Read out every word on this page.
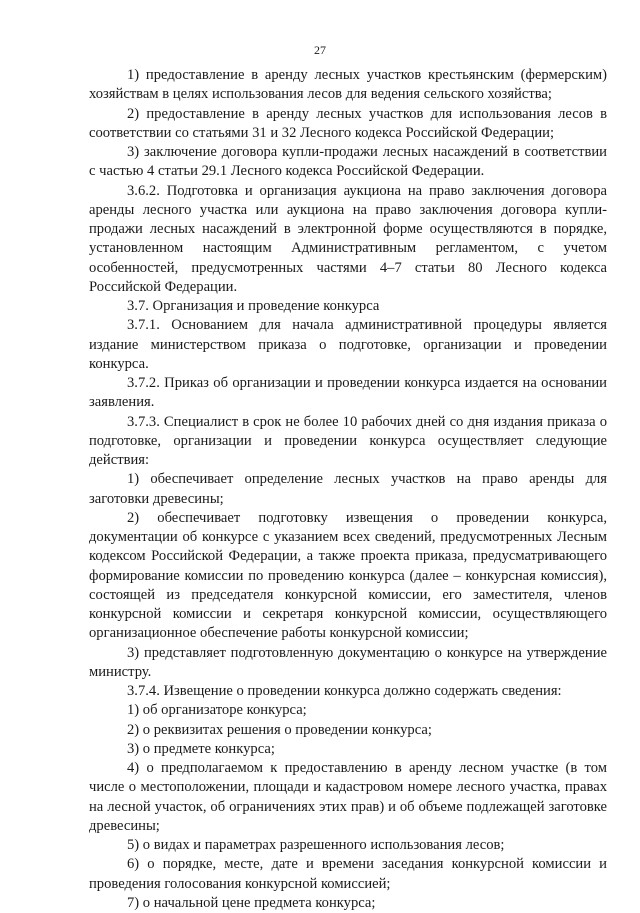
27

1) предоставление в аренду лесных участков крестьянским (фермерским) хозяйствам в целях использования лесов для ведения сельского хозяйства;

2) предоставление в аренду лесных участков для использования лесов в соответствии со статьями 31 и 32 Лесного кодекса Российской Федерации;

3) заключение договора купли-продажи лесных насаждений в соответствии с частью 4 статьи 29.1 Лесного кодекса Российской Федерации.

3.6.2. Подготовка и организация аукциона на право заключения договора аренды лесного участка или аукциона на право заключения договора купли-продажи лесных насаждений в электронной форме осуществляются в порядке, установленном настоящим Административным регламентом, с учетом особенностей, предусмотренных частями 4–7 статьи 80 Лесного кодекса Российской Федерации.

3.7. Организация и проведение конкурса

3.7.1. Основанием для начала административной процедуры является издание министерством приказа о подготовке, организации и проведении конкурса.

3.7.2. Приказ об организации и проведении конкурса издается на основании заявления.

3.7.3. Специалист в срок не более 10 рабочих дней со дня издания приказа о подготовке, организации и проведении конкурса осуществляет следующие действия:

1) обеспечивает определение лесных участков на право аренды для заготовки древесины;

2) обеспечивает подготовку извещения о проведении конкурса, документации об конкурсе с указанием всех сведений, предусмотренных Лесным кодексом Российской Федерации, а также проекта приказа, предусматривающего формирование комиссии по проведению конкурса (далее – конкурсная комиссия), состоящей из председателя конкурсной комиссии, его заместителя, членов конкурсной комиссии и секретаря конкурсной комиссии, осуществляющего организационное обеспечение работы конкурсной комиссии;

3) представляет подготовленную документацию о конкурсе на утверждение министру.

3.7.4. Извещение о проведении конкурса должно содержать сведения:

1) об организаторе конкурса;

2) о реквизитах решения о проведении конкурса;

3) о предмете конкурса;

4) о предполагаемом к предоставлению в аренду лесном участке (в том числе о местоположении, площади и кадастровом номере лесного участка, правах на лесной участок, об ограничениях этих прав) и об объеме подлежащей заготовке древесины;

5) о видах и параметрах разрешенного использования лесов;

6) о порядке, месте, дате и времени заседания конкурсной комиссии и проведения голосования конкурсной комиссией;

7) о начальной цене предмета конкурса;
